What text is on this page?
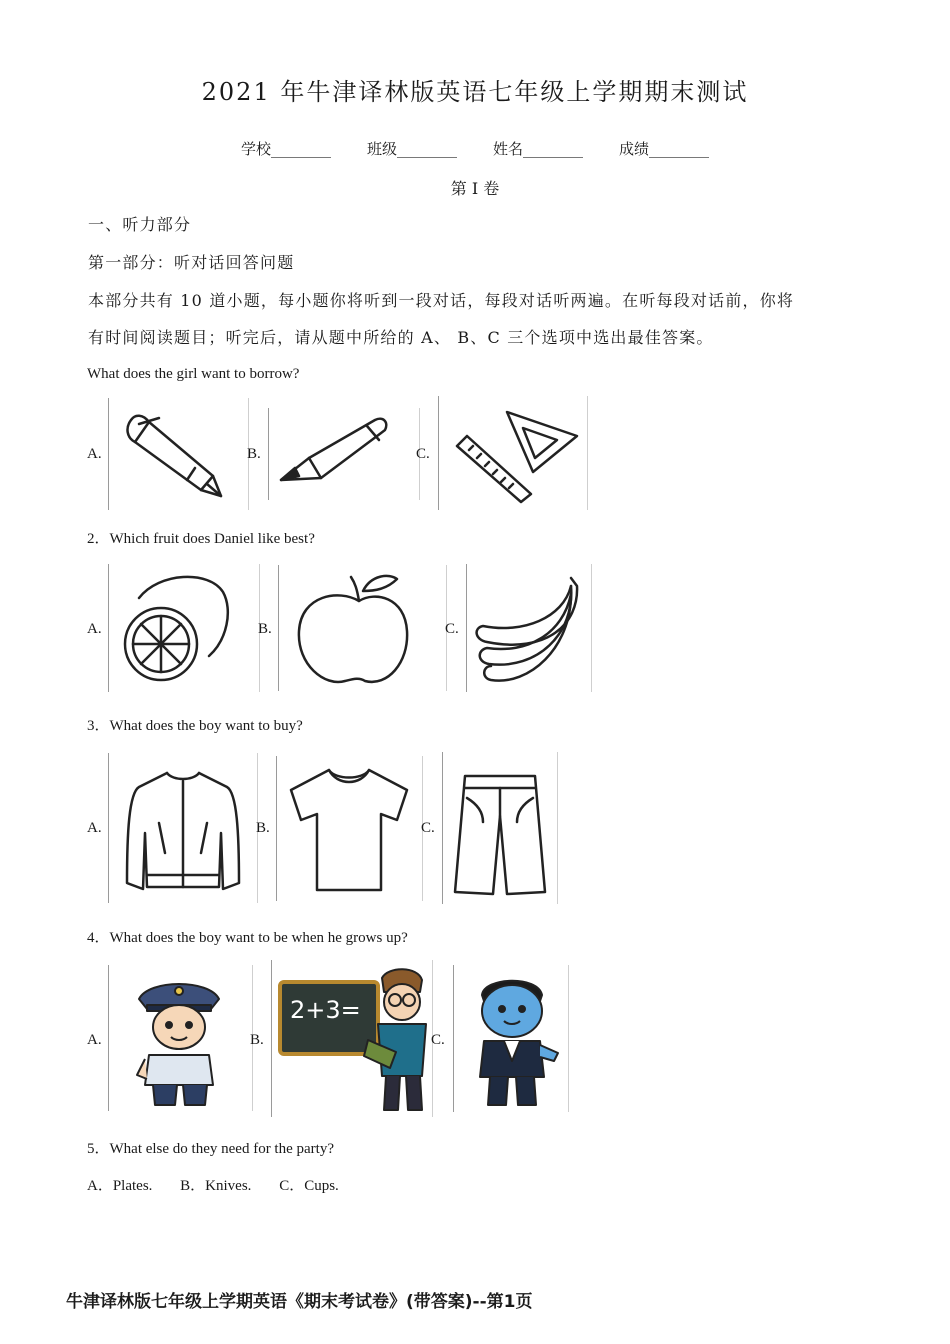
2021 年牛津译林版英语七年级上学期期末测试
学校________ 班级________ 姓名________ 成绩________
第 I 卷
一、听力部分
第一部分：听对话回答问题
本部分共有 10 道小题，每小题你将听到一段对话，每段对话听两遍。在听每段对话前，你将
有时间阅读题目；听完后，请从题中所给的 A、 B、C 三个选项中选出最佳答案。
What does the girl want to borrow?
A.	B.	C.
2．Which fruit does Daniel like best?
A.	B.	C.
3．What does the boy want to buy?
A.	B.	C.
4．What does the boy want to be when he grows up?
A.	B.
2+3=
C.
5．What else do they need for the party?
A．Plates. B．Knives. C．Cups.
牛津译林版七年级上学期英语《期末考试卷》(带答案)--第1页
